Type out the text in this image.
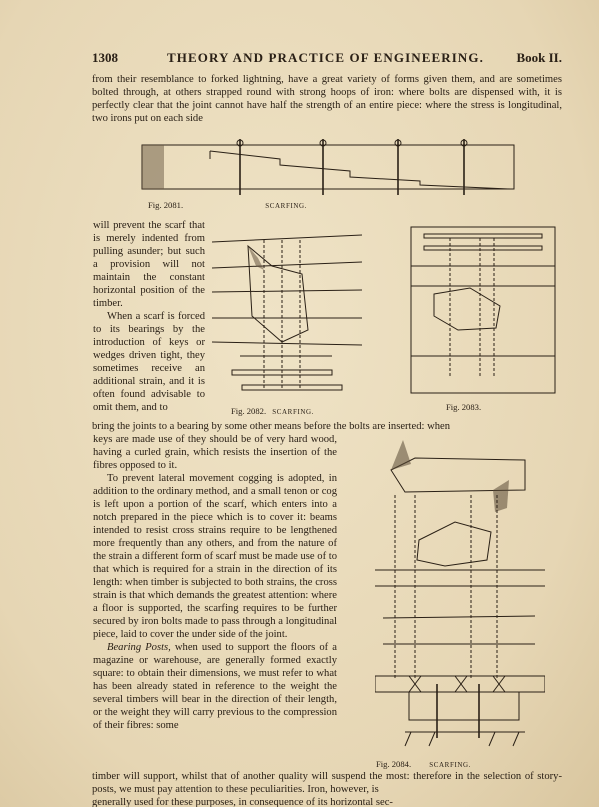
1308	THEORY AND PRACTICE OF ENGINEERING. Book II.
from their resemblance to forked lightning, have a great variety of forms given them, and are sometimes bolted through, at others strapped round with strong hoops of iron: where bolts are dispensed with, it is perfectly clear that the joint cannot have half the strength of an entire piece: where the stress is longitudinal, two irons put on each side
Fig. 2081.	SCARFING.

will prevent the scarf that is merely indented from pulling asunder; but such a provision will not maintain the constant horizontal position of the timber.

When a scarf is forced to its bearings by the introduction of keys or wedges driven tight, they sometimes receive an additional strain, and it is often found advisable to omit them, and to	Fig. 2082. SCARFING.	Fig. 2083.
bring the joints to a bearing by some other means before the bolts are inserted: when

keys are made use of they should be of very hard wood, having a curled grain, which resists the insertion of the fibres opposed to it.

To prevent lateral movement cogging is adopted, in addition to the ordinary method, and a small tenon or cog is left upon a portion of the scarf, which enters into a notch prepared in the piece which is to cover it: beams intended to resist cross strains require to be lengthened more frequently than any others, and from the nature of the strain a different form of scarf must be made use of to that which is required for a strain in the direction of its length: when timber is subjected to both strains, the cross strain is that which demands the greatest attention: where a floor is supported, the scarfing requires to be further secured by iron bolts made to pass through a longitudinal piece, laid to cover the under side of the joint.

Bearing Posts, when used to support the floors of a magazine or warehouse, are generally formed exactly square: to obtain their dimensions, we must refer to what has been already stated in reference to the weight the several timbers will bear in the direction of their length, or the weight they will carry previous to the compression of their fibres: some

Fig. 2084.	SCARFING.
timber will support, whilst that of another quality will suspend the most: therefore in the selection of story-posts, we must pay attention to these peculiarities. Iron, however, is
generally used for these purposes, in consequence of its horizontal sec-
